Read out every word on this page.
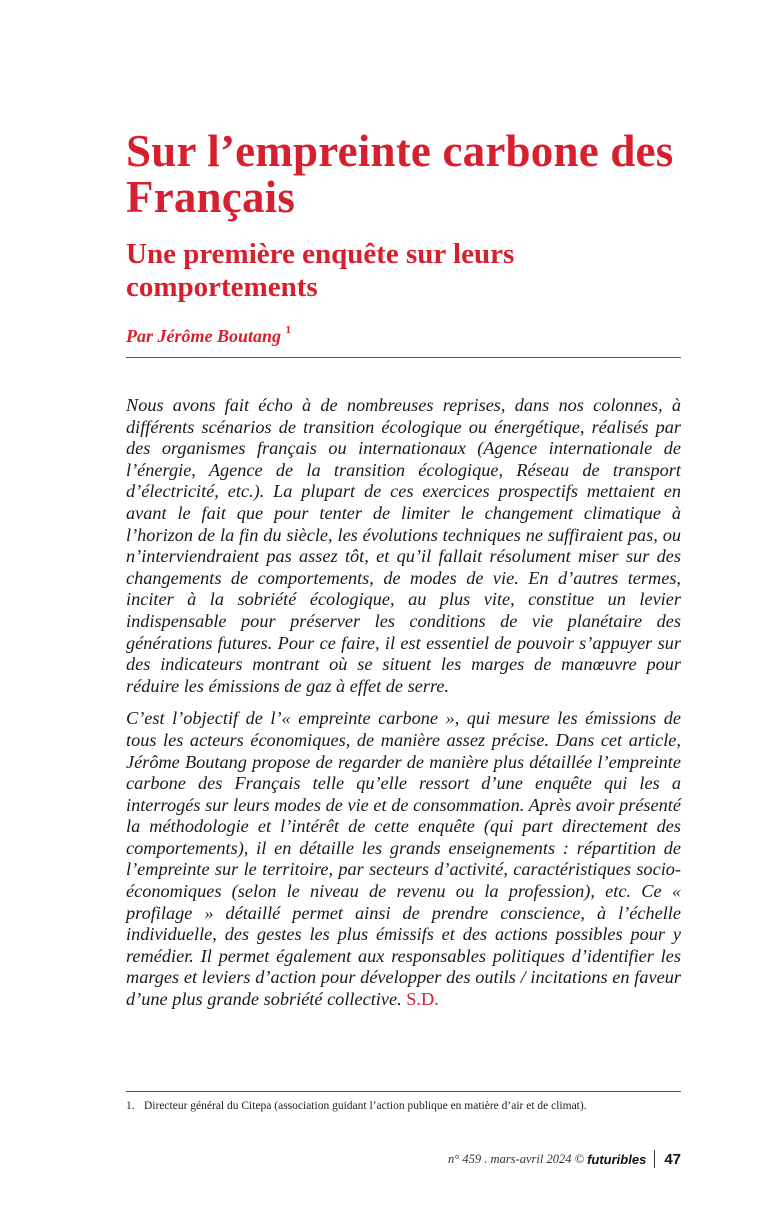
Sur l’empreinte carbone des Français
Une première enquête sur leurs comportements

Par Jérôme Boutang $^1$

Nous avons fait écho à de nombreuses reprises, dans nos colonnes, à différents scénarios de transition écologique ou énergétique, réalisés par des organismes français ou internationaux (Agence internationale de l’énergie, Agence de la transition écologique, Réseau de transport d’électricité, etc.). La plupart de ces exercices prospectifs mettaient en avant le fait que pour tenter de limiter le changement climatique à l’horizon de la fin du siècle, les évolutions techniques ne suffiraient pas, ou n’interviendraient pas assez tôt, et qu’il fallait résolument miser sur des changements de comportements, de modes de vie. En d’autres termes, inciter à la sobriété écologique, au plus vite, constitue un levier indispensable pour préserver les conditions de vie planétaire des générations futures. Pour ce faire, il est essentiel de pouvoir s’appuyer sur des indicateurs montrant où se situent les marges de manœuvre pour réduire les émissions de gaz à effet de serre.

C’est l’objectif de l’« empreinte carbone », qui mesure les émissions de tous les acteurs économiques, de manière assez précise. Dans cet article, Jérôme Boutang propose de regarder de manière plus détaillée l’empreinte carbone des Français telle qu’elle ressort d’une enquête qui les a interrogés sur leurs modes de vie et de consommation. Après avoir présenté la méthodologie et l’intérêt de cette enquête (qui part directement des comportements), il en détaille les grands enseignements : répartition de l’empreinte sur le territoire, par secteurs d’activité, caractéristiques socio-économiques (selon le niveau de revenu ou la profession), etc. Ce « profilage » détaillé permet ainsi de prendre conscience, à l’échelle individuelle, des gestes les plus émissifs et des actions possibles pour y remédier. Il permet également aux responsables politiques d’identifier les marges et leviers d’action pour développer des outils / incitations en faveur d’une plus grande sobriété collective. S.D.

1. Directeur général du Citepa (association guidant l’action publique en matière d’air et de climat).
n° 459 . mars-avril 2024 © futuribles 47
